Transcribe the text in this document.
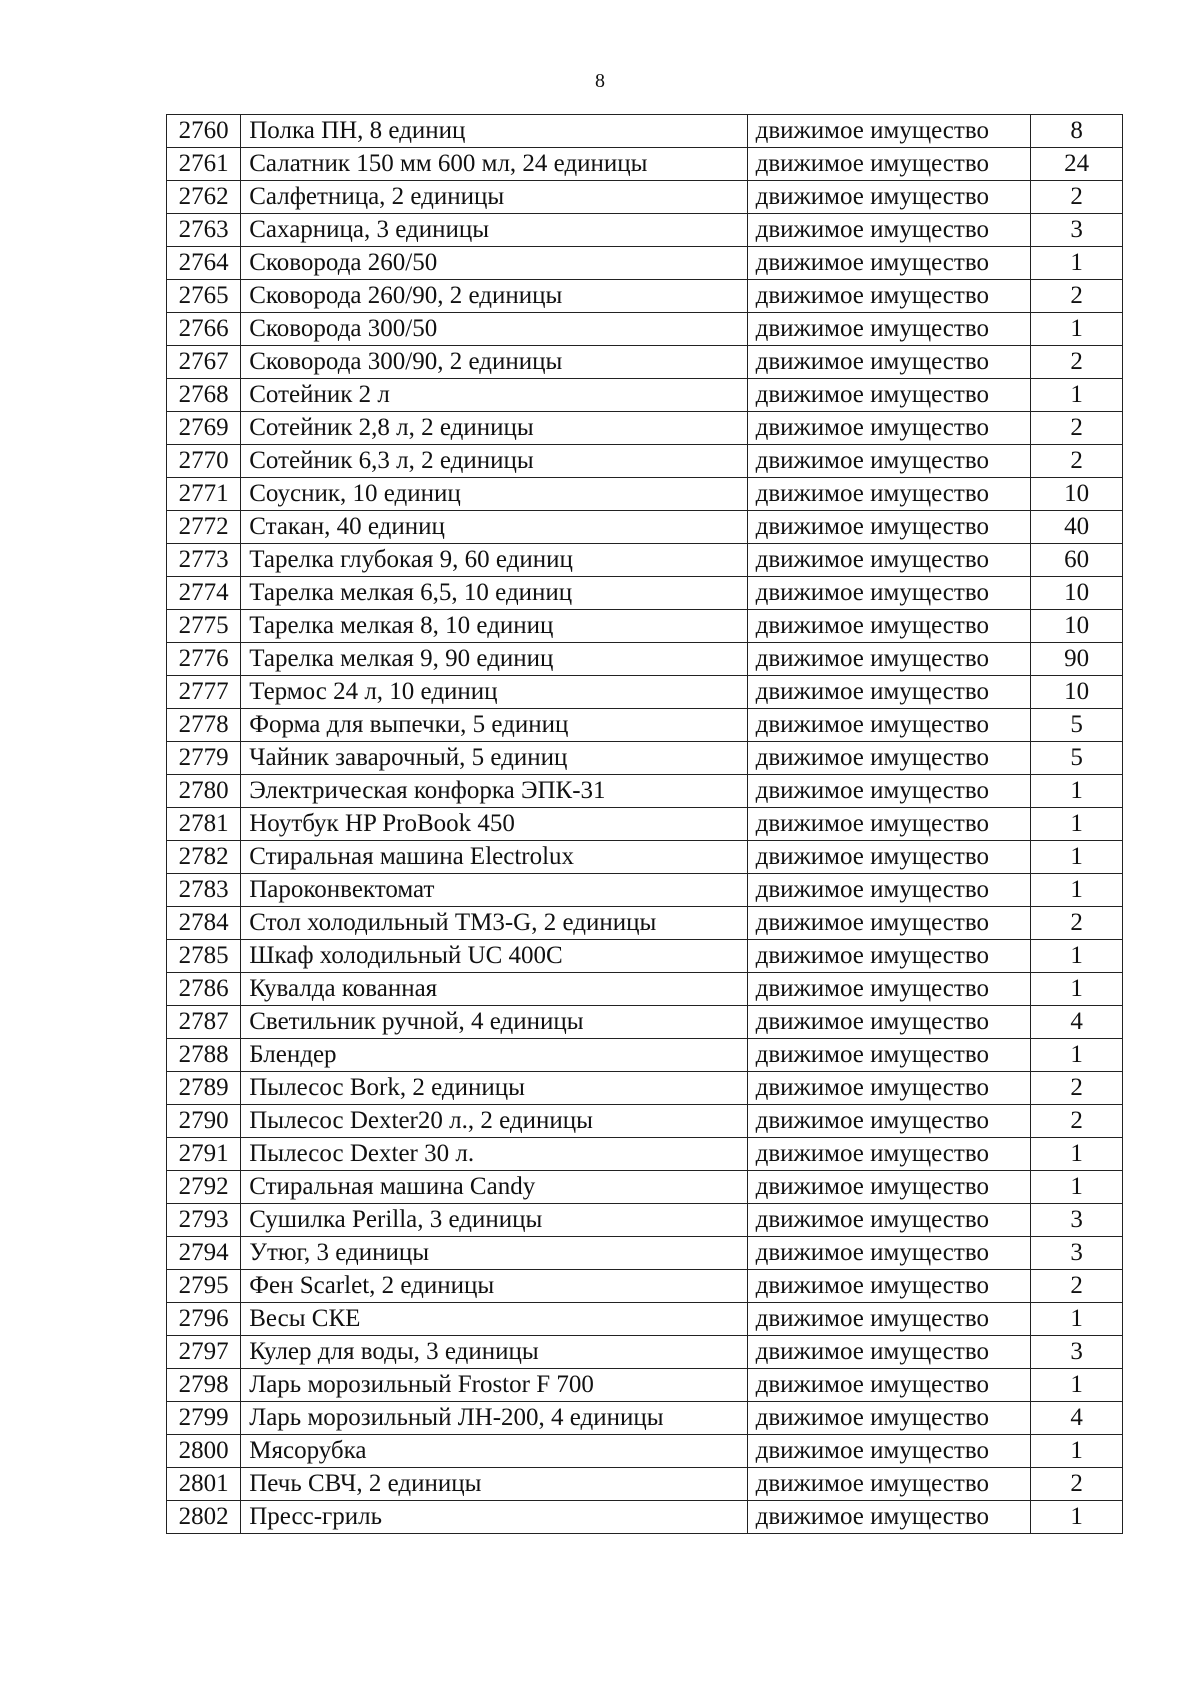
8
2760	Полка ПН, 8 единиц	движимое имущество	8
2761	Салатник 150 мм 600 мл, 24 единицы	движимое имущество	24
2762	Салфетница, 2 единицы	движимое имущество	2
2763	Сахарница, 3 единицы	движимое имущество	3
2764	Сковорода 260/50	движимое имущество	1
2765	Сковорода 260/90, 2 единицы	движимое имущество	2
2766	Сковорода 300/50	движимое имущество	1
2767	Сковорода 300/90, 2 единицы	движимое имущество	2
2768	Сотейник 2 л	движимое имущество	1
2769	Сотейник 2,8 л, 2 единицы	движимое имущество	2
2770	Сотейник 6,3 л, 2 единицы	движимое имущество	2
2771	Соусник, 10 единиц	движимое имущество	10
2772	Стакан, 40 единиц	движимое имущество	40
2773	Тарелка глубокая 9, 60 единиц	движимое имущество	60
2774	Тарелка мелкая 6,5, 10 единиц	движимое имущество	10
2775	Тарелка мелкая 8, 10 единиц	движимое имущество	10
2776	Тарелка мелкая 9, 90 единиц	движимое имущество	90
2777	Термос 24 л, 10 единиц	движимое имущество	10
2778	Форма для выпечки, 5 единиц	движимое имущество	5
2779	Чайник заварочный, 5 единиц	движимое имущество	5
2780	Электрическая конфорка ЭПК-31	движимое имущество	1
2781	Ноутбук HP ProBook 450	движимое имущество	1
2782	Стиральная машина Electrolux	движимое имущество	1
2783	Пароконвектомат	движимое имущество	1
2784	Стол холодильный TM3-G, 2 единицы	движимое имущество	2
2785	Шкаф холодильный UC 400C	движимое имущество	1
2786	Кувалда кованная	движимое имущество	1
2787	Светильник ручной, 4 единицы	движимое имущество	4
2788	Блендер	движимое имущество	1
2789	Пылесос Bork, 2 единицы	движимое имущество	2
2790	Пылесос Dexter20 л., 2 единицы	движимое имущество	2
2791	Пылесос Dexter 30 л.	движимое имущество	1
2792	Стиральная машина Candy	движимое имущество	1
2793	Сушилка Perilla, 3 единицы	движимое имущество	3
2794	Утюг, 3 единицы	движимое имущество	3
2795	Фен Scarlet, 2 единицы	движимое имущество	2
2796	Весы СКЕ	движимое имущество	1
2797	Кулер для воды, 3 единицы	движимое имущество	3
2798	Ларь морозильный Frostor F 700	движимое имущество	1
2799	Ларь морозильный ЛН-200, 4 единицы	движимое имущество	4
2800	Мясорубка	движимое имущество	1
2801	Печь СВЧ, 2 единицы	движимое имущество	2
2802	Пресс-гриль	движимое имущество	1
